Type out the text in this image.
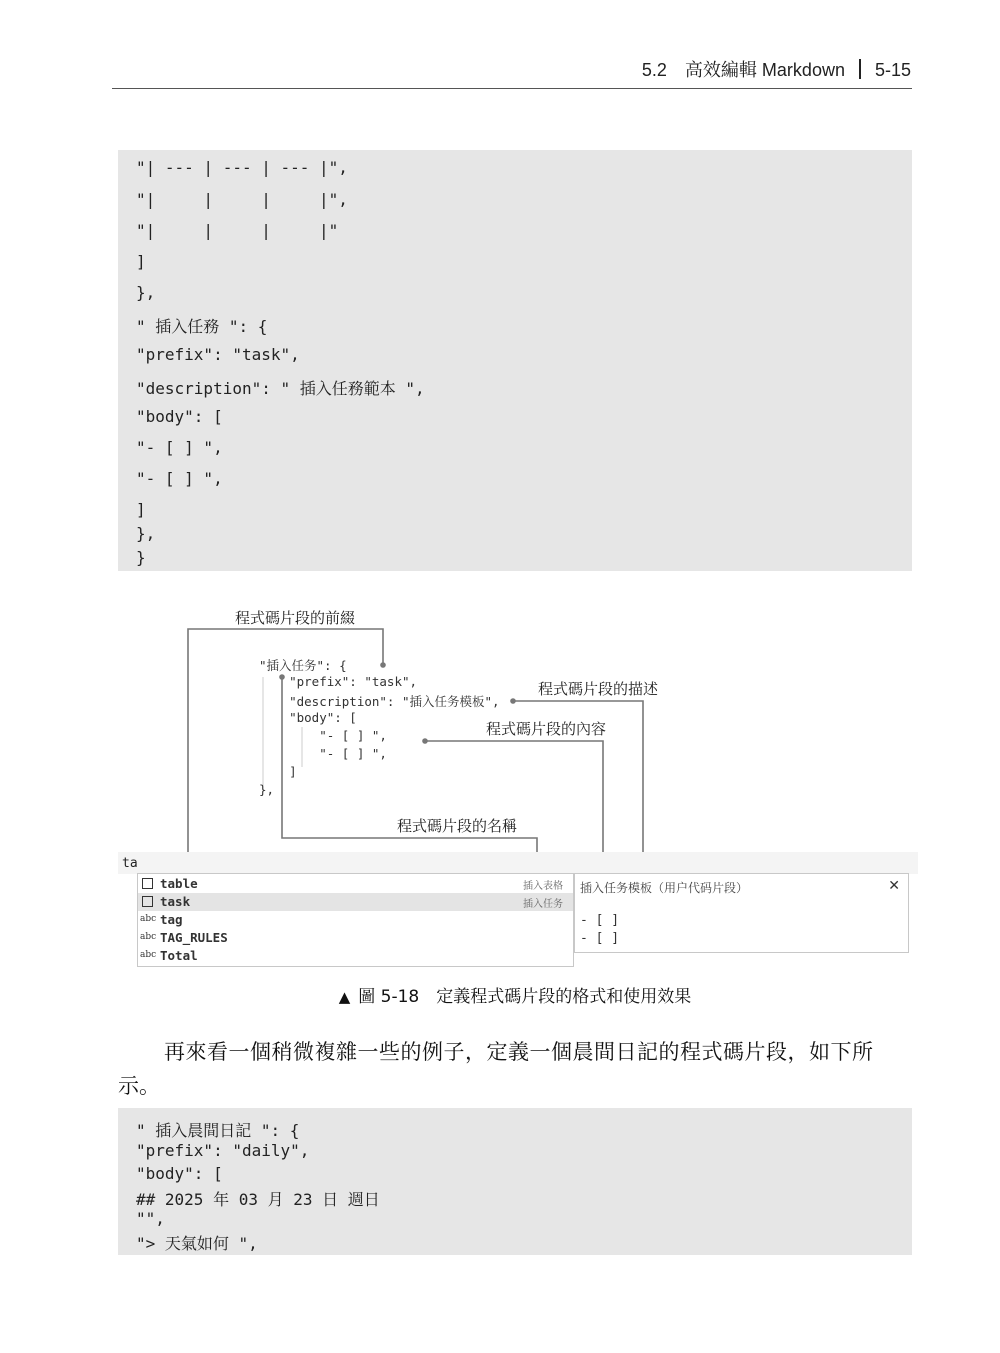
5.2　高效編輯 Markdown 5-15
"| --- | --- | --- |",
"|     |     |     |",
"|     |     |     |"
]
},
" 插入任務 ": {
"prefix": "task",
"description": " 插入任務範本 ",
"body": [
"- [ ] ",
"- [ ] ",
]
},
}
程式碼片段的前綴
程式碼片段的描述
程式碼片段的內容
程式碼片段的名稱
"插入任务": {
"prefix": "task",
"description": "插入任务模板",
"body": [
"- [ ] ",
"- [ ] ",
]
},
ta
table	插入表格
task	插入任务
abc tag
abc TAG_RULES
abc Total
插入任务模板（用户代码片段）	✕
- [ ]
- [ ]
▲ 圖 5-18　定義程式碼片段的格式和使用效果
再來看一個稍微複雜一些的例子，定義一個晨間日記的程式碼片段，如下所
示。
" 插入晨間日記 ": {
"prefix": "daily",
"body": [
## 2025 年 03 月 23 日 週日
"",
"> 天氣如何 ",
